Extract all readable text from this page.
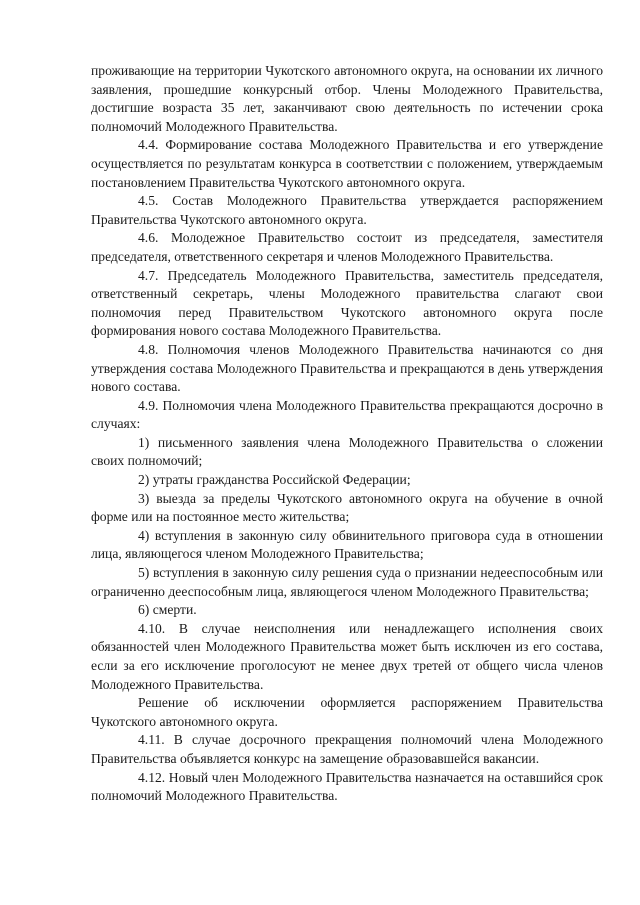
проживающие на территории Чукотского автономного округа, на основании их личного заявления, прошедшие конкурсный отбор. Члены Молодежного Правительства, достигшие возраста 35 лет, заканчивают свою деятельность по истечении срока полномочий Молодежного Правительства.

4.4. Формирование состава Молодежного Правительства и его утверждение осуществляется по результатам конкурса в соответствии с положением, утверждаемым постановлением Правительства Чукотского автономного округа.

4.5. Состав Молодежного Правительства утверждается распоряжением Правительства Чукотского автономного округа.

4.6. Молодежное Правительство состоит из председателя, заместителя председателя, ответственного секретаря и членов Молодежного Правительства.

4.7. Председатель Молодежного Правительства, заместитель председателя, ответственный секретарь, члены Молодежного правительства слагают свои полномочия перед Правительством Чукотского автономного округа после формирования нового состава Молодежного Правительства.

4.8. Полномочия членов Молодежного Правительства начинаются со дня утверждения состава Молодежного Правительства и прекращаются в день утверждения нового состава.

4.9. Полномочия члена Молодежного Правительства прекращаются досрочно в случаях:

1) письменного заявления члена Молодежного Правительства о сложении своих полномочий;

2) утраты гражданства Российской Федерации;

3) выезда за пределы Чукотского автономного округа на обучение в очной форме или на постоянное место жительства;

4) вступления в законную силу обвинительного приговора суда в отношении лица, являющегося членом Молодежного Правительства;

5) вступления в законную силу решения суда о признании недееспособным или ограниченно дееспособным лица, являющегося членом Молодежного Правительства;

6) смерти.

4.10. В случае неисполнения или ненадлежащего исполнения своих обязанностей член Молодежного Правительства может быть исключен из его состава, если за его исключение проголосуют не менее двух третей от общего числа членов Молодежного Правительства.

Решение об исключении оформляется распоряжением Правительства Чукотского автономного округа.

4.11. В случае досрочного прекращения полномочий члена Молодежного Правительства объявляется конкурс на замещение образовавшейся вакансии.

4.12. Новый член Молодежного Правительства назначается на оставшийся срок полномочий Молодежного Правительства.
